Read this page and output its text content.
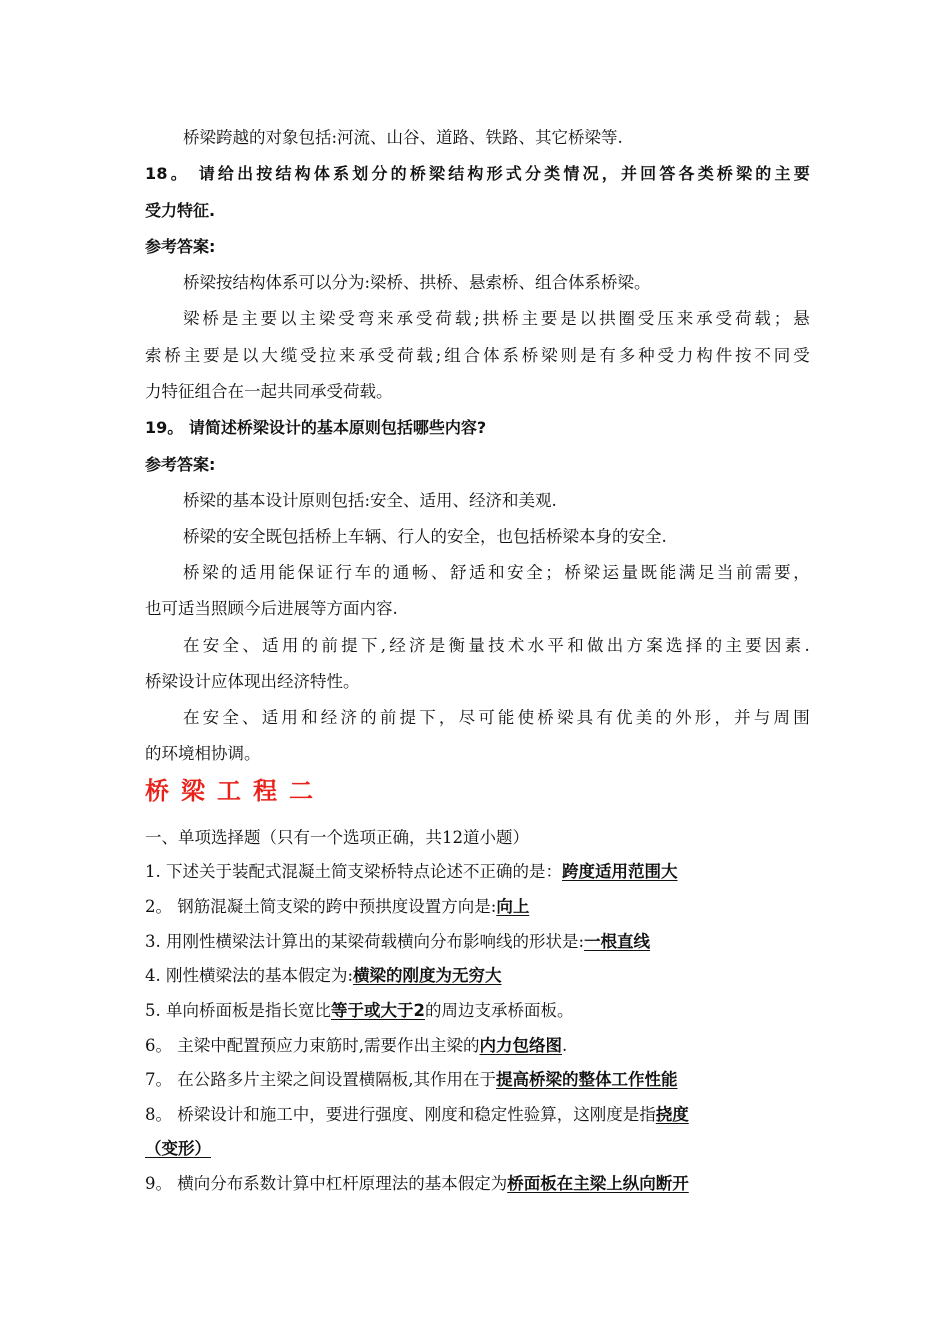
桥梁跨越的对象包括:河流、山谷、道路、铁路、其它桥梁等.
18。 请给出按结构体系划分的桥梁结构形式分类情况，并回答各类桥梁的主要
受力特征.
参考答案:
桥梁按结构体系可以分为:梁桥、拱桥、悬索桥、组合体系桥梁。
梁桥是主要以主梁受弯来承受荷载;拱桥主要是以拱圈受压来承受荷载；悬
索桥主要是以大缆受拉来承受荷载;组合体系桥梁则是有多种受力构件按不同受
力特征组合在一起共同承受荷载。
19。 请简述桥梁设计的基本原则包括哪些内容?
参考答案:
桥梁的基本设计原则包括:安全、适用、经济和美观.
桥梁的安全既包括桥上车辆、行人的安全，也包括桥梁本身的安全.
桥梁的适用能保证行车的通畅、舒适和安全；桥梁运量既能满足当前需要，
也可适当照顾今后进展等方面内容.
在安全、适用的前提下,经济是衡量技术水平和做出方案选择的主要因素.
桥梁设计应体现出经济特性。
在安全、适用和经济的前提下，尽可能使桥梁具有优美的外形，并与周围
的环境相协调。
桥梁工程二
一、单项选择题（只有一个选项正确，共12道小题）
1. 下述关于装配式混凝土简支梁桥特点论述不正确的是：跨度适用范围大
2。 钢筋混凝土简支梁的跨中预拱度设置方向是:向上
3. 用刚性横梁法计算出的某梁荷载横向分布影响线的形状是:一根直线
4. 刚性横梁法的基本假定为:横梁的刚度为无穷大
5. 单向桥面板是指长宽比等于或大于2的周边支承桥面板。
6。 主梁中配置预应力束筋时,需要作出主梁的内力包络图.
7。 在公路多片主梁之间设置横隔板,其作用在于提高桥梁的整体工作性能
8。 桥梁设计和施工中，要进行强度、刚度和稳定性验算，这刚度是指挠度
（变形）
9。 横向分布系数计算中杠杆原理法的基本假定为桥面板在主梁上纵向断开
